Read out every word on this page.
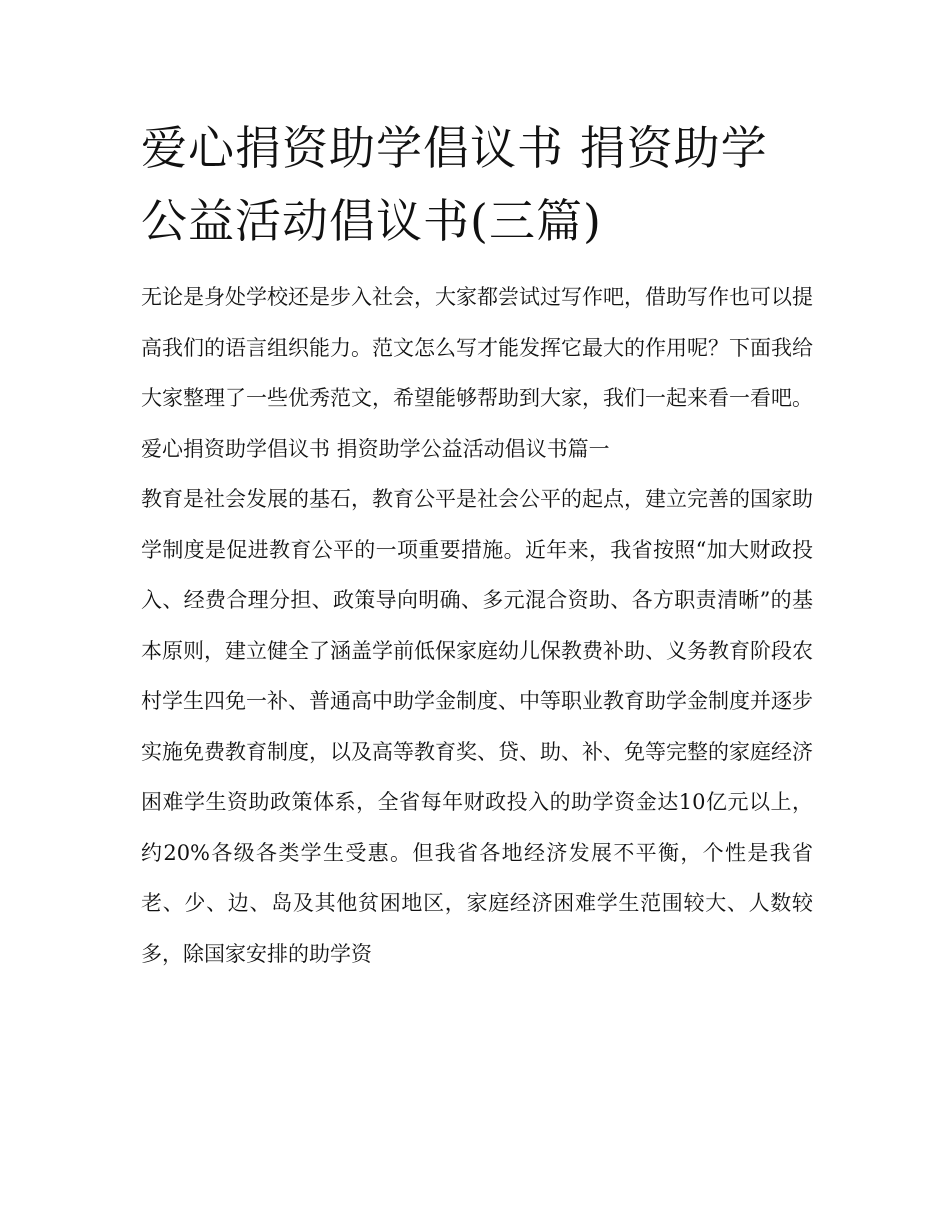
爱心捐资助学倡议书 捐资助学公益活动倡议书(三篇)

无论是身处学校还是步入社会，大家都尝试过写作吧，借助写作也可以提高我们的语言组织能力。范文怎么写才能发挥它最大的作用呢？下面我给大家整理了一些优秀范文，希望能够帮助到大家，我们一起来看一看吧。

爱心捐资助学倡议书 捐资助学公益活动倡议书篇一

教育是社会发展的基石，教育公平是社会公平的起点，建立完善的国家助学制度是促进教育公平的一项重要措施。近年来，我省按照“加大财政投入、经费合理分担、政策导向明确、多元混合资助、各方职责清晰”的基本原则，建立健全了涵盖学前低保家庭幼儿保教费补助、义务教育阶段农村学生四免一补、普通高中助学金制度、中等职业教育助学金制度并逐步实施免费教育制度，以及高等教育奖、贷、助、补、免等完整的家庭经济困难学生资助政策体系，全省每年财政投入的助学资金达10亿元以上，约20%各级各类学生受惠。但我省各地经济发展不平衡，个性是我省老、少、边、岛及其他贫困地区，家庭经济困难学生范围较大、人数较多，除国家安排的助学资
